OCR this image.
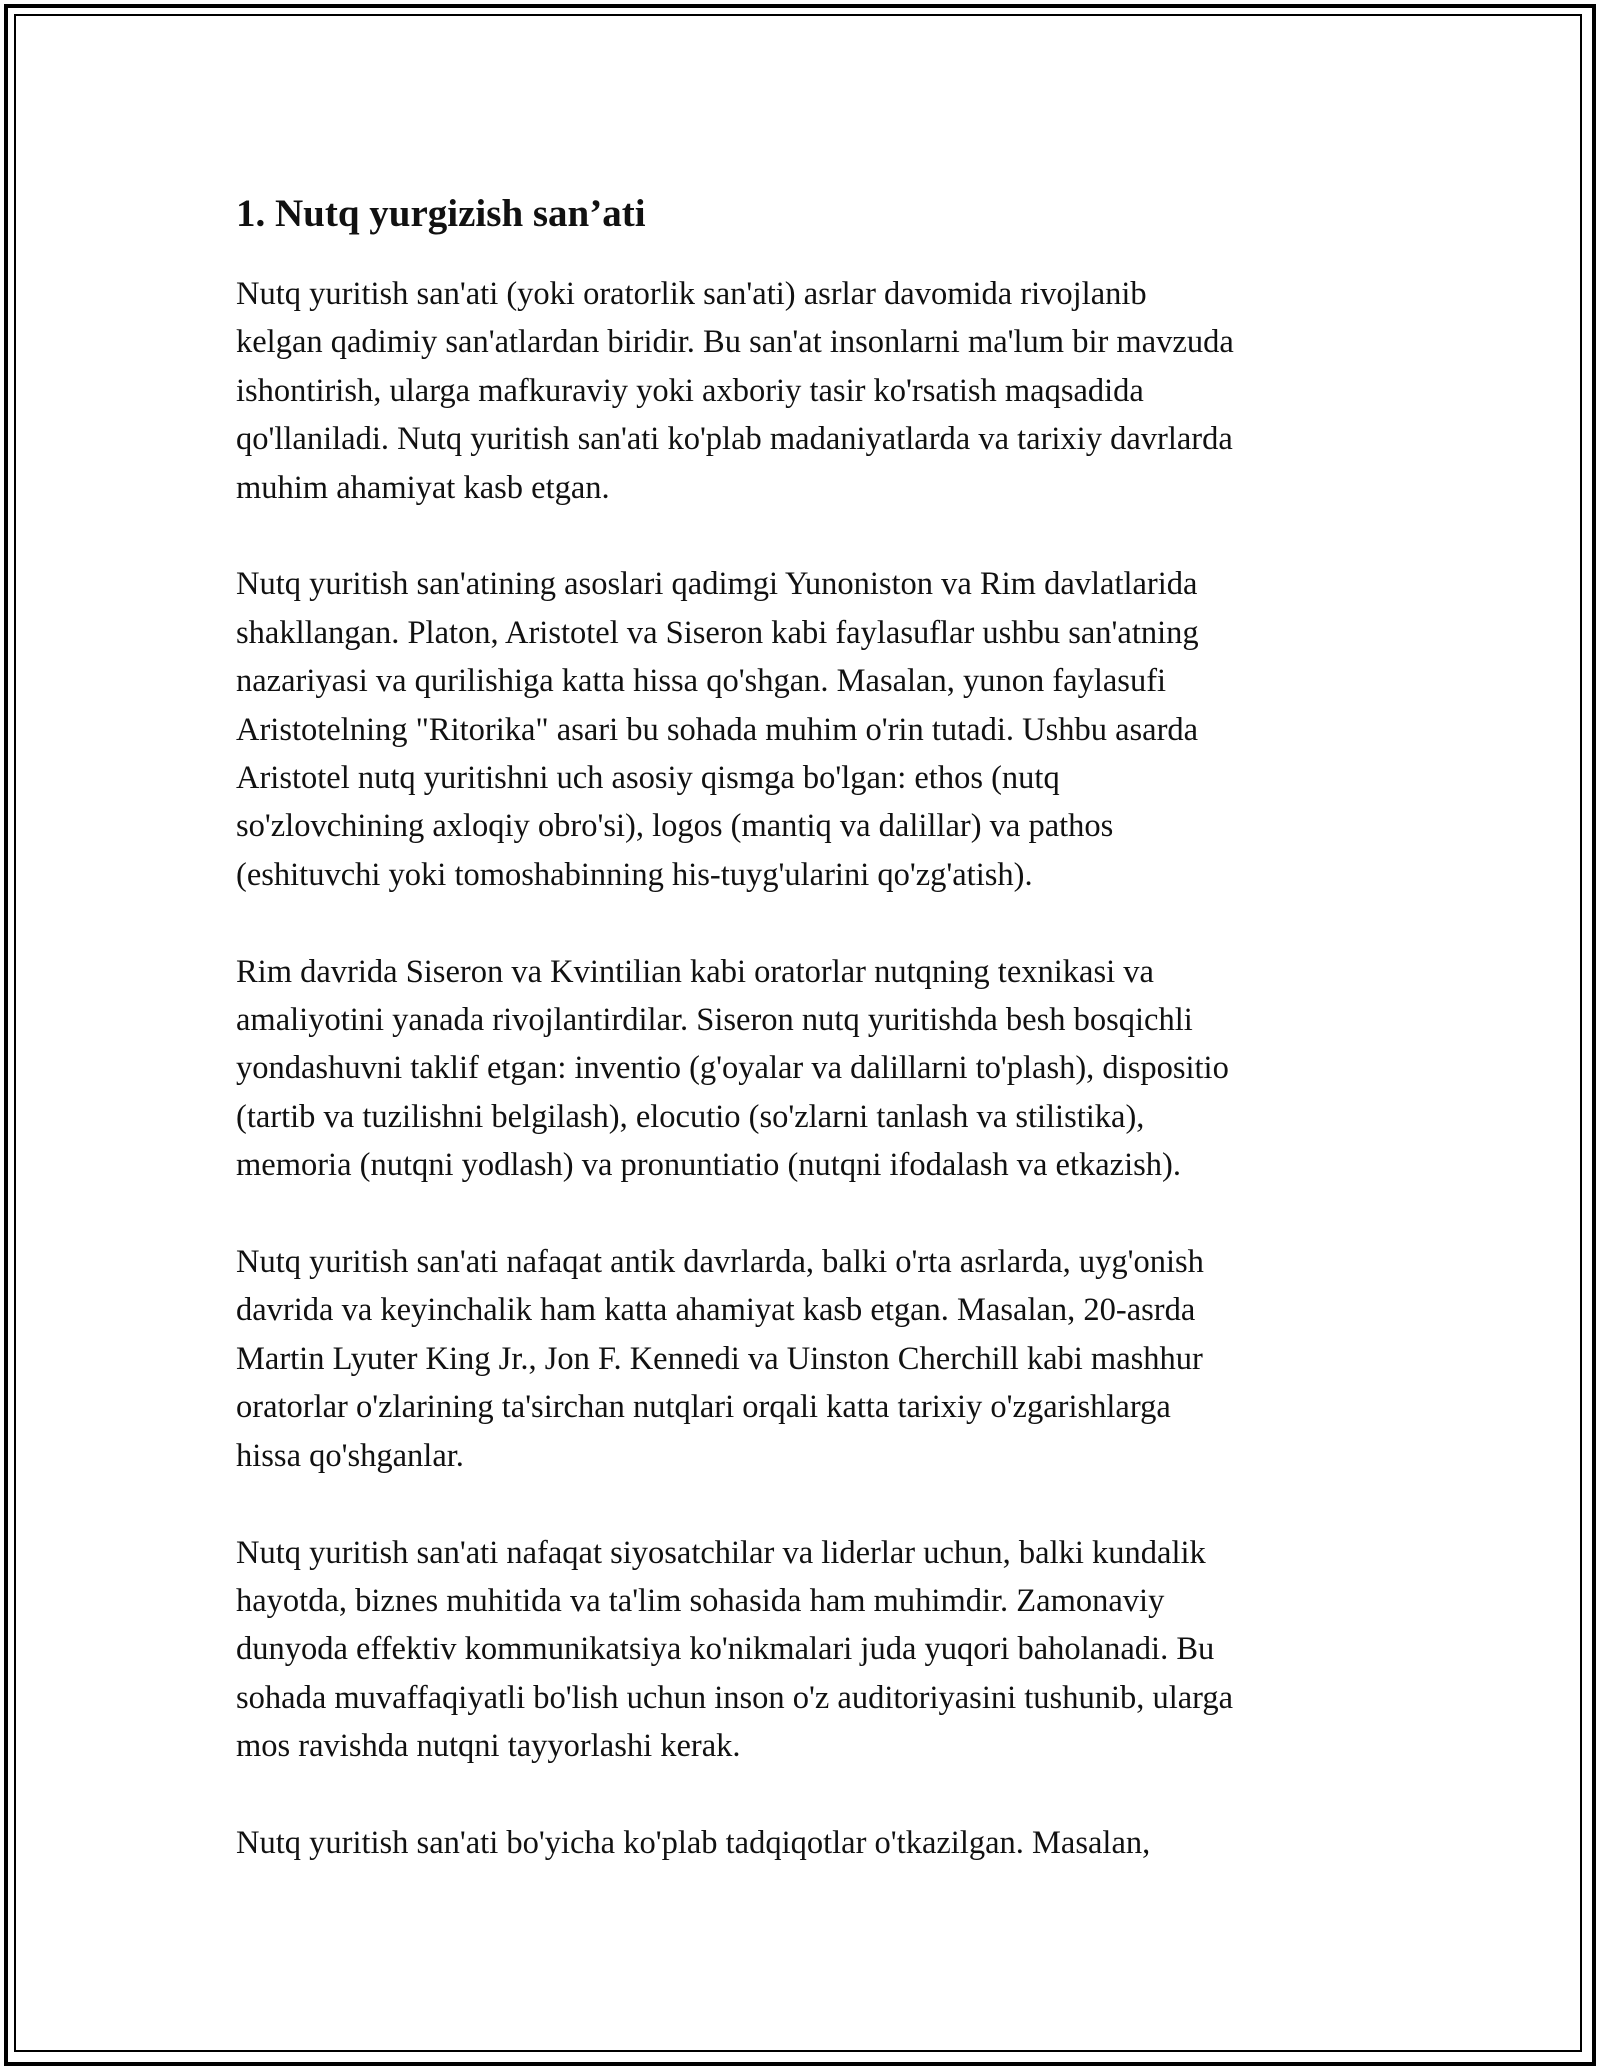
1. Nutq yurgizish san’ati

Nutq yuritish san'ati (yoki oratorlik san'ati) asrlar davomida rivojlanib
kelgan qadimiy san'atlardan biridir. Bu san'at insonlarni ma'lum bir mavzuda
ishontirish, ularga mafkuraviy yoki axboriy tasir ko'rsatish maqsadida
qo'llaniladi. Nutq yuritish san'ati ko'plab madaniyatlarda va tarixiy davrlarda
muhim ahamiyat kasb etgan.

Nutq yuritish san'atining asoslari qadimgi Yunoniston va Rim davlatlarida
shakllangan. Platon, Aristotel va Siseron kabi faylasuflar ushbu san'atning
nazariyasi va qurilishiga katta hissa qo'shgan. Masalan, yunon faylasufi
Aristotelning "Ritorika" asari bu sohada muhim o'rin tutadi. Ushbu asarda
Aristotel nutq yuritishni uch asosiy qismga bo'lgan: ethos (nutq
so'zlovchining axloqiy obro'si), logos (mantiq va dalillar) va pathos
(eshituvchi yoki tomoshabinning his-tuyg'ularini qo'zg'atish).

Rim davrida Siseron va Kvintilian kabi oratorlar nutqning texnikasi va
amaliyotini yanada rivojlantirdilar. Siseron nutq yuritishda besh bosqichli
yondashuvni taklif etgan: inventio (g'oyalar va dalillarni to'plash), dispositio
(tartib va tuzilishni belgilash), elocutio (so'zlarni tanlash va stilistika),
memoria (nutqni yodlash) va pronuntiatio (nutqni ifodalash va etkazish).

Nutq yuritish san'ati nafaqat antik davrlarda, balki o'rta asrlarda, uyg'onish
davrida va keyinchalik ham katta ahamiyat kasb etgan. Masalan, 20-asrda
Martin Lyuter King Jr., Jon F. Kennedi va Uinston Cherchill kabi mashhur
oratorlar o'zlarining ta'sirchan nutqlari orqali katta tarixiy o'zgarishlarga
hissa qo'shganlar.

Nutq yuritish san'ati nafaqat siyosatchilar va liderlar uchun, balki kundalik
hayotda, biznes muhitida va ta'lim sohasida ham muhimdir. Zamonaviy
dunyoda effektiv kommunikatsiya ko'nikmalari juda yuqori baholanadi. Bu
sohada muvaffaqiyatli bo'lish uchun inson o'z auditoriyasini tushunib, ularga
mos ravishda nutqni tayyorlashi kerak.

Nutq yuritish san'ati bo'yicha ko'plab tadqiqotlar o'tkazilgan. Masalan,
